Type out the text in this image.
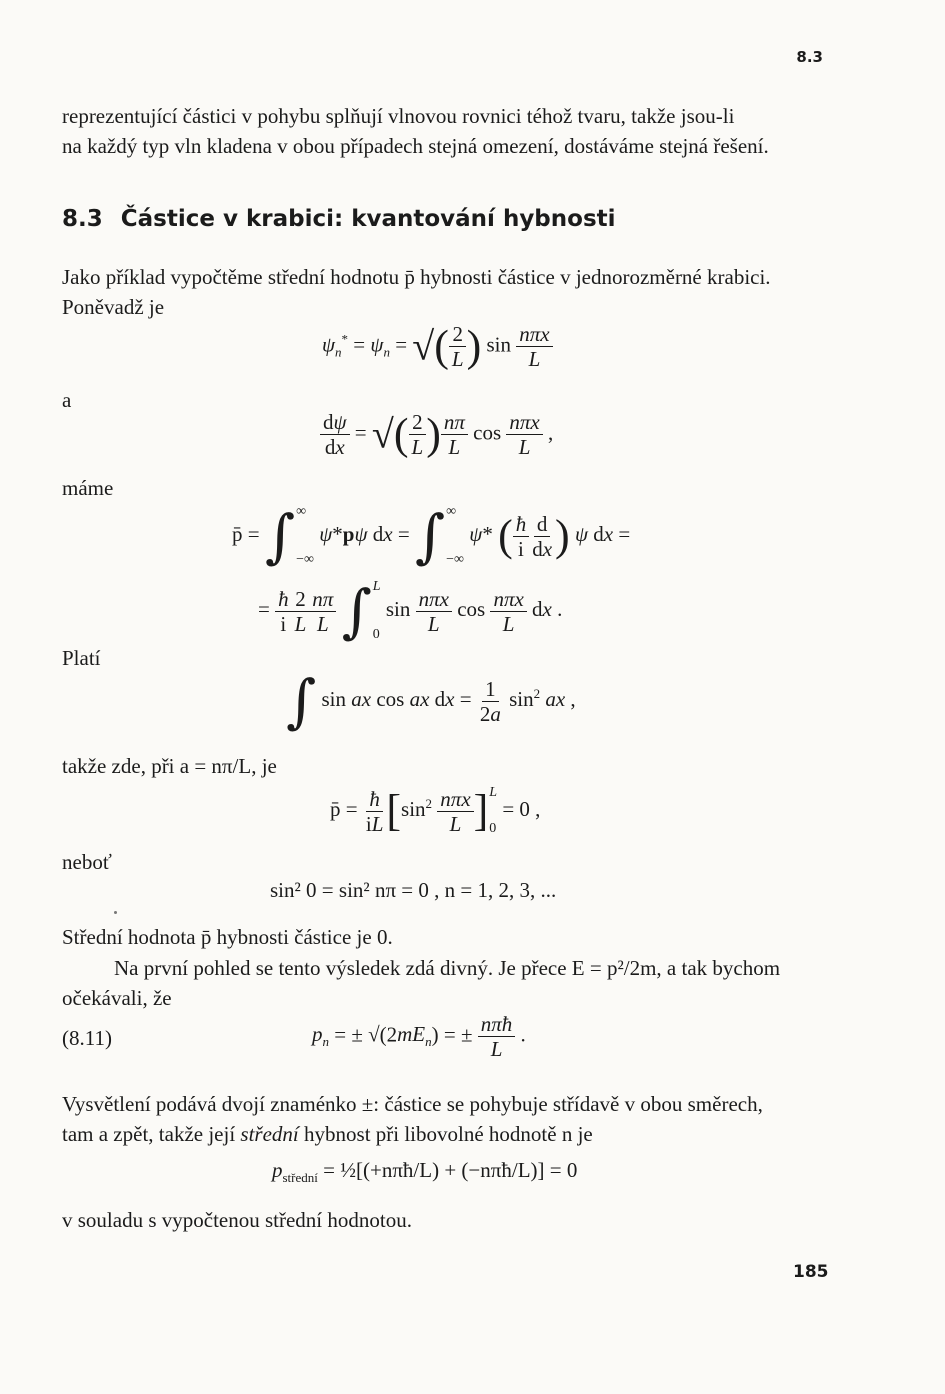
8.3
185
reprezentující částici v pohybu splňují vlnovou rovnici téhož tvaru, takže jsou-li
na každý typ vln kladena v obou případech stejná omezení, dostáváme stejná řešení.
8.3 Částice v krabici: kvantování hybnosti
Jako příklad vypočtěme střední hodnotu p̄ hybnosti částice v jednorozměrné krabici.
Poněvadž je
$\psi_n^* = \psi_n$ = √( $\frac{2}{L}$ ) $\sin \frac{\text{nπx}}{L}$
a
$\frac{d\psi}{dx}$ = √( $\frac{2}{L}$ ) $\frac{n\pi}{L}$ $\cos \frac{\text{nπx}}{L}$ ,
máme
p̄ = ∫ ∞
−∞
ψ*pψ dx = ∫ ∞
−∞
ψ* ( $\frac{ħ}{i} \frac{d}{dx}$ ) ψ dx =
= $\frac{ħ}{i} \frac{2}{L} \frac{n\pi}{L}$ ∫ L
0
$\sin \frac{\text{nπx}}{L}$ $\cos \frac{\text{nπx}}{L}$ dx .
Platí
∫ sin ax cos ax dx = $\frac{1}{2a} \sin^2$ ax ,
takže zde, při a = nπ/L, je
p̄ = $\frac{ħ}{iL} [\sin^2 \frac{\text{nπx}}{L}$ ] L
0
= 0 ,
neboť
sin² 0 = sin² nπ = 0 , n = 1, 2, 3, ...
Střední hodnota p̄ hybnosti částice je 0.
Na první pohled se tento výsledek zdá divný. Je přece E = p²/2m, a tak bychom
očekávali, že
(8.11)	$p_n$ = ± $√(2mE_n)$ = ± $\frac{\text{nπħ}}{L}$ .
Vysvětlení podává dvojí znaménko ±: částice se pohybuje střídavě v obou směrech,
tam a zpět, takže její střední hybnost při libovolné hodnotě n je
$p_{střední}$ = ½[(+nπħ/L) + (−nπħ/L)] = 0
v souladu s vypočtenou střední hodnotou.
